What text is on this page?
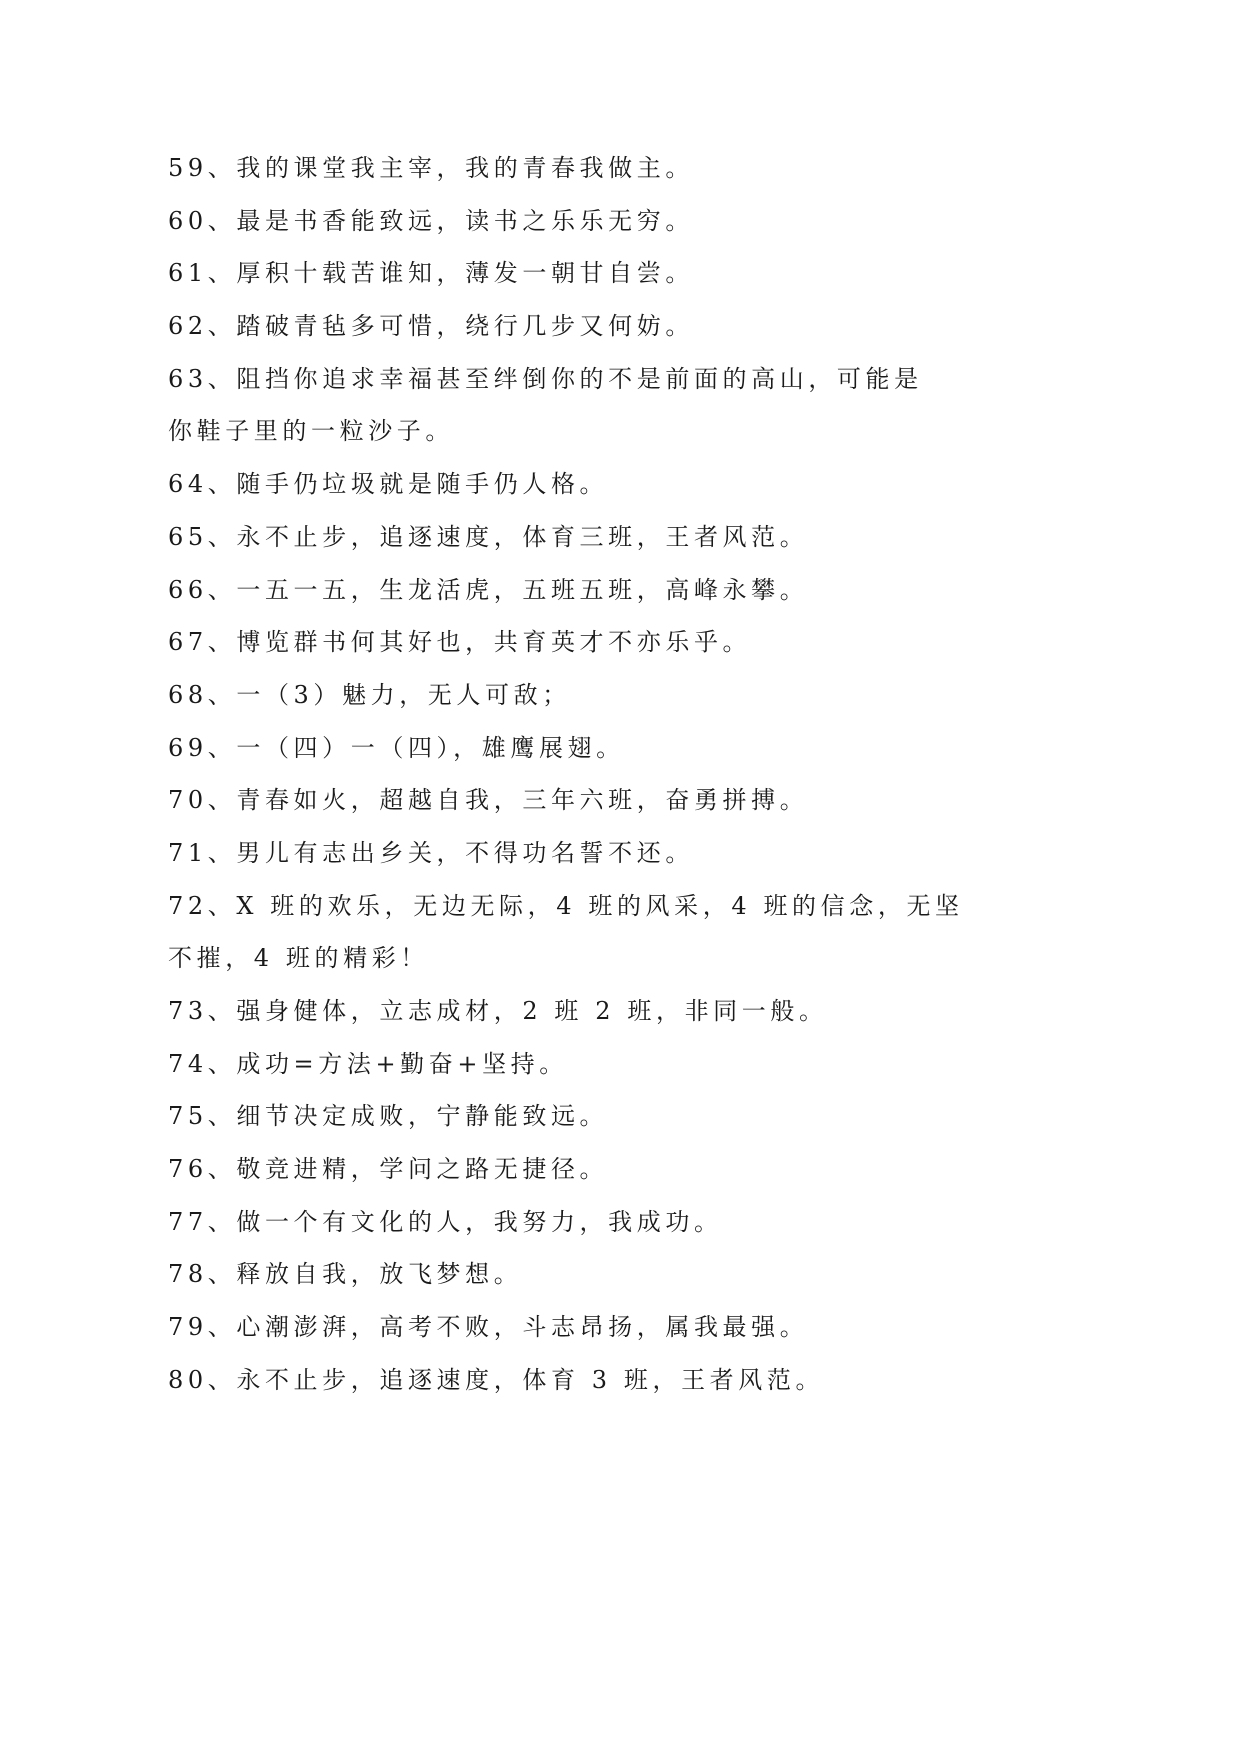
59、我的课堂我主宰，我的青春我做主。
60、最是书香能致远，读书之乐乐无穷。
61、厚积十载苦谁知，薄发一朝甘自尝。
62、踏破青毡多可惜，绕行几步又何妨。
63、阻挡你追求幸福甚至绊倒你的不是前面的高山，可能是
你鞋子里的一粒沙子。
64、随手仍垃圾就是随手仍人格。
65、永不止步，追逐速度，体育三班，王者风范。
66、一五一五，生龙活虎，五班五班，高峰永攀。
67、博览群书何其好也，共育英才不亦乐乎。
68、一（3）魅力，无人可敌；
69、一（四）一（四），雄鹰展翅。
70、青春如火，超越自我，三年六班，奋勇拼搏。
71、男儿有志出乡关，不得功名誓不还。
72、X 班的欢乐，无边无际，4 班的风采，4 班的信念，无坚
不摧，4 班的精彩！
73、强身健体，立志成材，2 班 2 班，非同一般。
74、成功=方法+勤奋+坚持。
75、细节决定成败，宁静能致远。
76、敬竞进精，学问之路无捷径。
77、做一个有文化的人，我努力，我成功。
78、释放自我，放飞梦想。
79、心潮澎湃，高考不败，斗志昂扬，属我最强。
80、永不止步，追逐速度，体育 3 班，王者风范。
